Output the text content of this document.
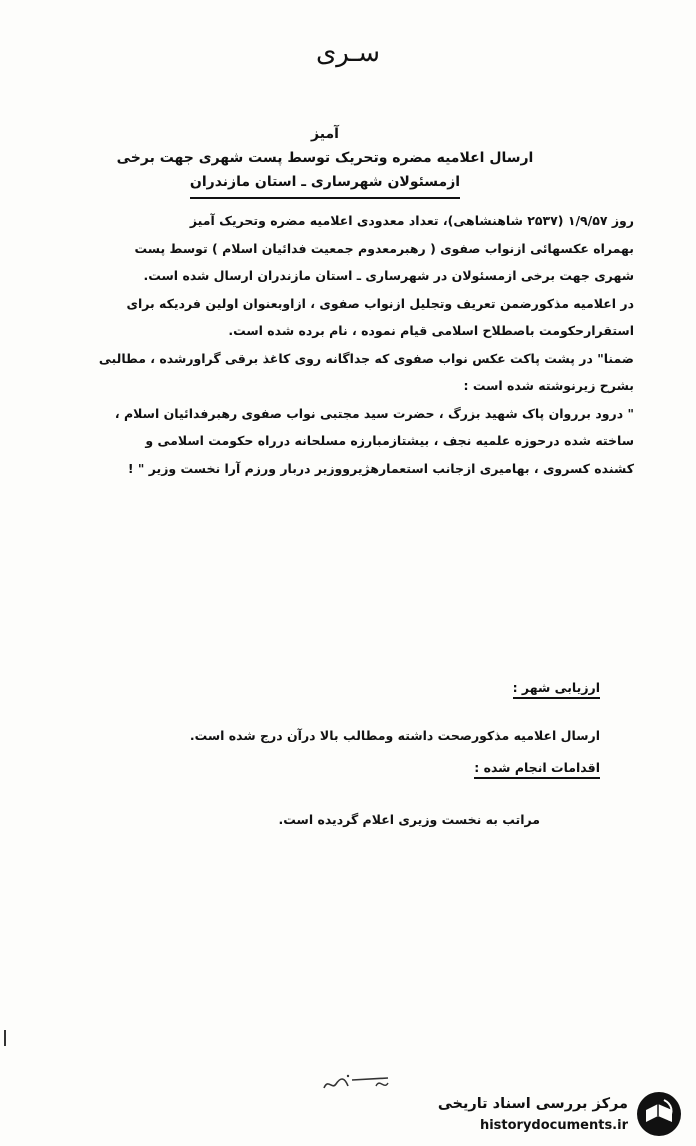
سـری
آمیز
ارسال اعلامیه مضره وتحریک توسط پست شهری جهت برخی
ازمسئولان شهرساری ـ استان مازندران

روز ۱/۹/۵۷ (۲۵۳۷ شاهنشاهی)، تعداد معدودی اعلامیه مضره وتحریک آمیز

بهمراه عکسهائی ازنواب صفوی ( رهبرمعدوم جمعیت فدائیان اسلام ) توسط پست

شهری جهت برخی ازمسئولان در شهرساری ـ استان مازندران ارسال شده است.

در اعلامیه مذکورضمن تعریف وتجلیل ازنواب صفوی ، ازاوبعنوان اولین فردیکه برای

استقرارحکومت باصطلاح اسلامی قیام نموده ، نام برده شده است.

ضمنا" در پشت پاکت عکس نواب صفوی که جداگانه روی کاغذ برقی گراورشده ، مطالبی

بشرح زیرنوشته شده است :

" درود برروان پاک شهید بزرگ ، حضرت سید مجتبی نواب صفوی رهبرفدائیان اسلام ،

ساخته شده درحوزه علمیه نجف ، بیشتازمبارزه مسلحانه درراه حکومت اسلامی و

کشنده کسروی ، بهامیری ازجانب استعمارهژیرووزیر دربار ورزم آرا نخست وزیر " !

ارزیابی شهر :
ارسال اعلامیه مذکورصحت داشته ومطالب بالا درآن درج شده است.
اقدامات انجام شده :
مراتب به نخست وزیری اعلام گردیده است.
مرکز بررسی اسناد تاریخی
historydocuments.ir
